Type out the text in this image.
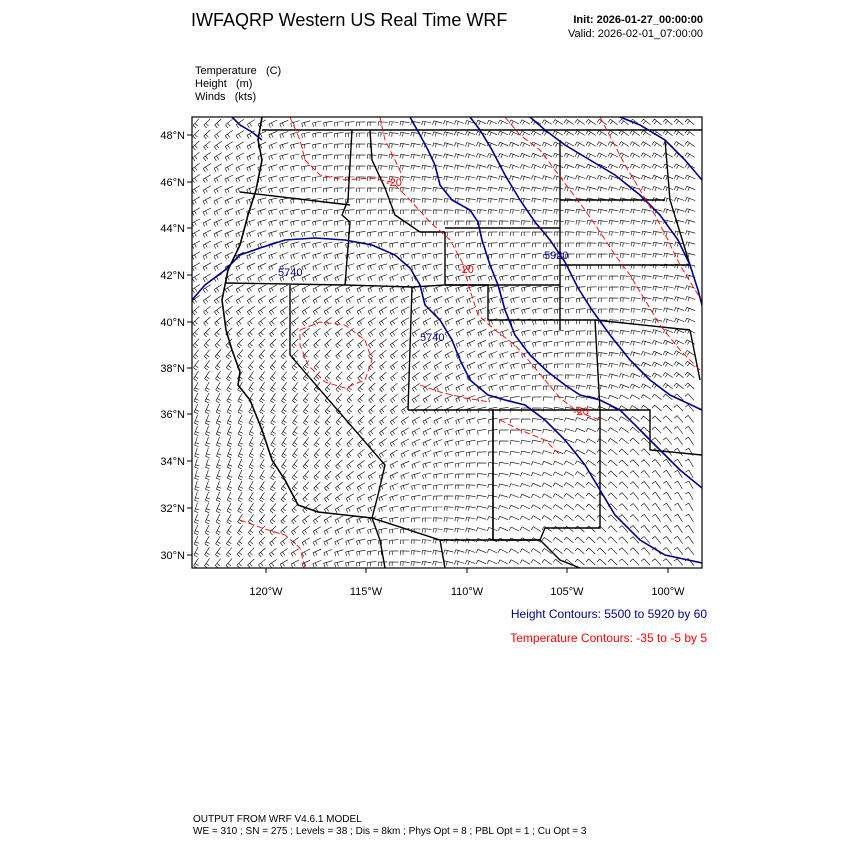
IWFAQRP Western US Real Time WRF	Init: 2026-01-27_00:00:00
Valid: 2026-02-01_07:00:00
Temperature (C)
Height (m)
Winds (kts)
5740
5740
5920
-20
-20
-20
48°N
46°N
44°N
42°N
40°N
38°N
36°N
34°N
32°N
30°N
120°W	115°W	110°W	105°W	100°W
Height Contours: 5500 to 5920 by 60
Temperature Contours: -35 to -5 by 5
OUTPUT FROM WRF V4.6.1 MODEL
WE = 310 ; SN = 275 ; Levels = 38 ; Dis = 8km ; Phys Opt = 8 ; PBL Opt = 1 ; Cu Opt = 3
